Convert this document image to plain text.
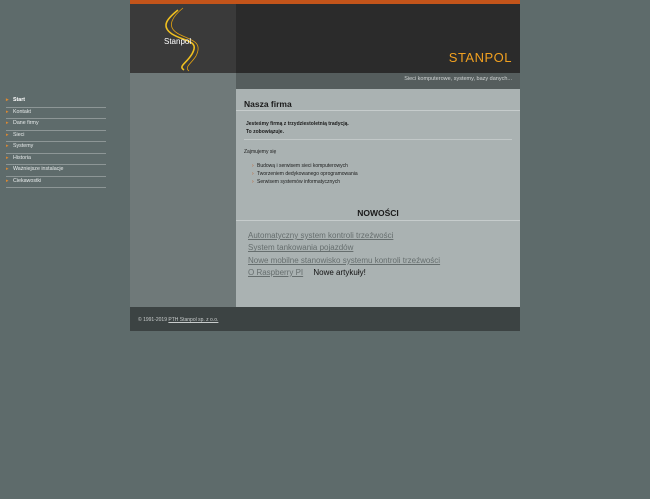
Stanpol
STANPOL
Sieci komputerowe, systemy, bazy danych...
Nasza firma
Jesteśmy firmą z trzydziestoletnią tradycją.
To zobowiązuje.
Zajmujemy się
› Budową i serwisem sieci komputerowych
› Tworzeniem dedykowanego oprogramowania
› Serwisem systemów informatycznych
NOWOŚCI
Automatyczny system kontroli trzeźwości
System tankowania pojazdów
Nowe mobilne stanowisko systemu kontroli trzeźwości
O Raspberry PI Nowe artykuły!
© 1991-2019 PTH Stanpol sp. z o.o.
▸ Start
▸ Kontakt
▸ Dane firmy
▸ Sieci
▸ Systemy
▸ Historia
▸ Ważniejsze instalacje
▸ Ciekawostki
